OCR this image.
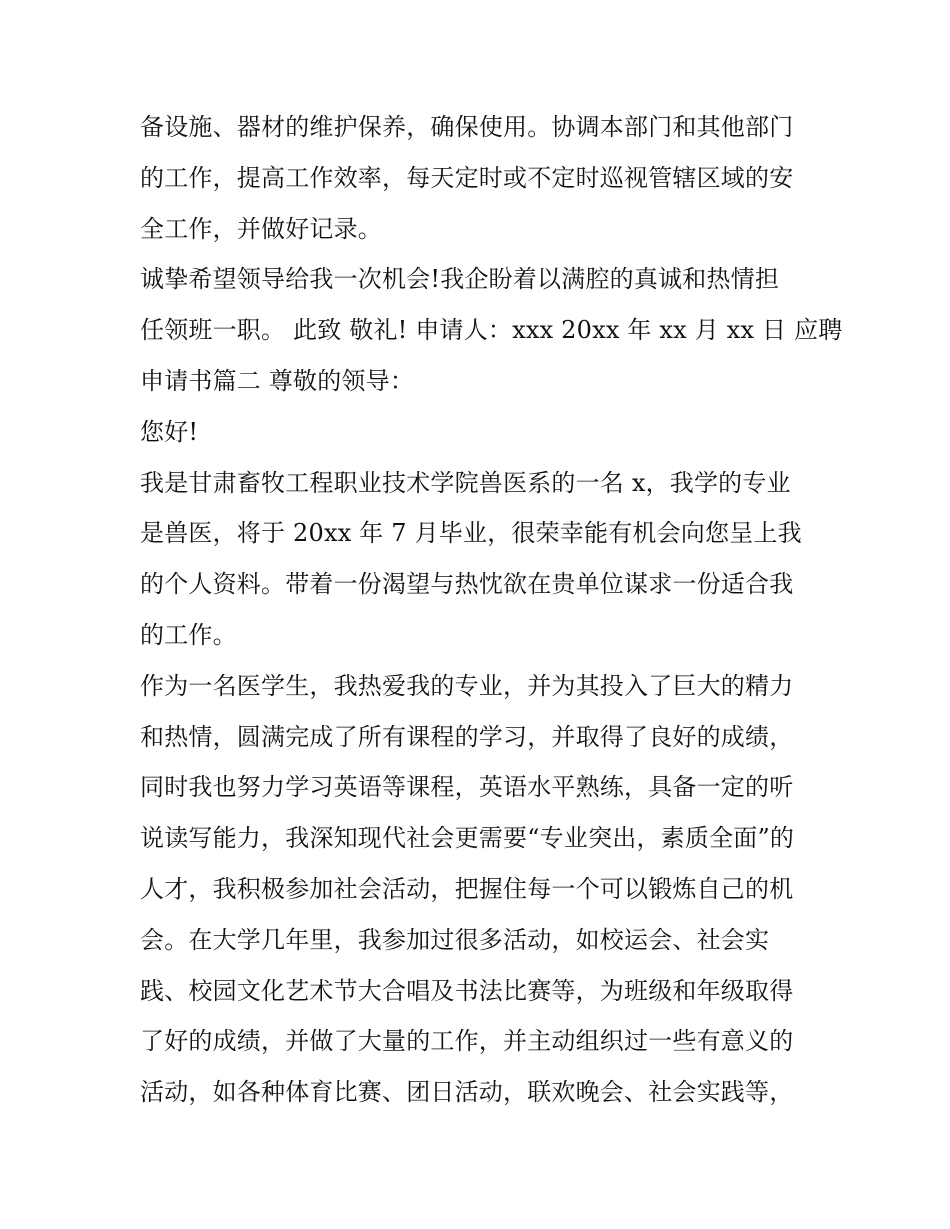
备设施、器材的维护保养，确保使用。协调本部门和其他部门
的工作，提高工作效率，每天定时或不定时巡视管辖区域的安
全工作，并做好记录。
诚挚希望领导给我一次机会!我企盼着以满腔的真诚和热情担
任领班一职。 此致 敬礼! 申请人：xxx 20xx 年 xx 月 xx 日 应聘
申请书篇二 尊敬的领导：
您好!
我是甘肃畜牧工程职业技术学院兽医系的一名 x，我学的专业
是兽医，将于 20xx 年 7 月毕业，很荣幸能有机会向您呈上我
的个人资料。带着一份渴望与热忱欲在贵单位谋求一份适合我
的工作。
作为一名医学生，我热爱我的专业，并为其投入了巨大的精力
和热情，圆满完成了所有课程的学习，并取得了良好的成绩，
同时我也努力学习英语等课程，英语水平熟练，具备一定的听
说读写能力，我深知现代社会更需要“专业突出，素质全面”的
人才，我积极参加社会活动，把握住每一个可以锻炼自己的机
会。在大学几年里，我参加过很多活动，如校运会、社会实
践、校园文化艺术节大合唱及书法比赛等，为班级和年级取得
了好的成绩，并做了大量的工作，并主动组织过一些有意义的
活动，如各种体育比赛、团日活动，联欢晚会、社会实践等，
